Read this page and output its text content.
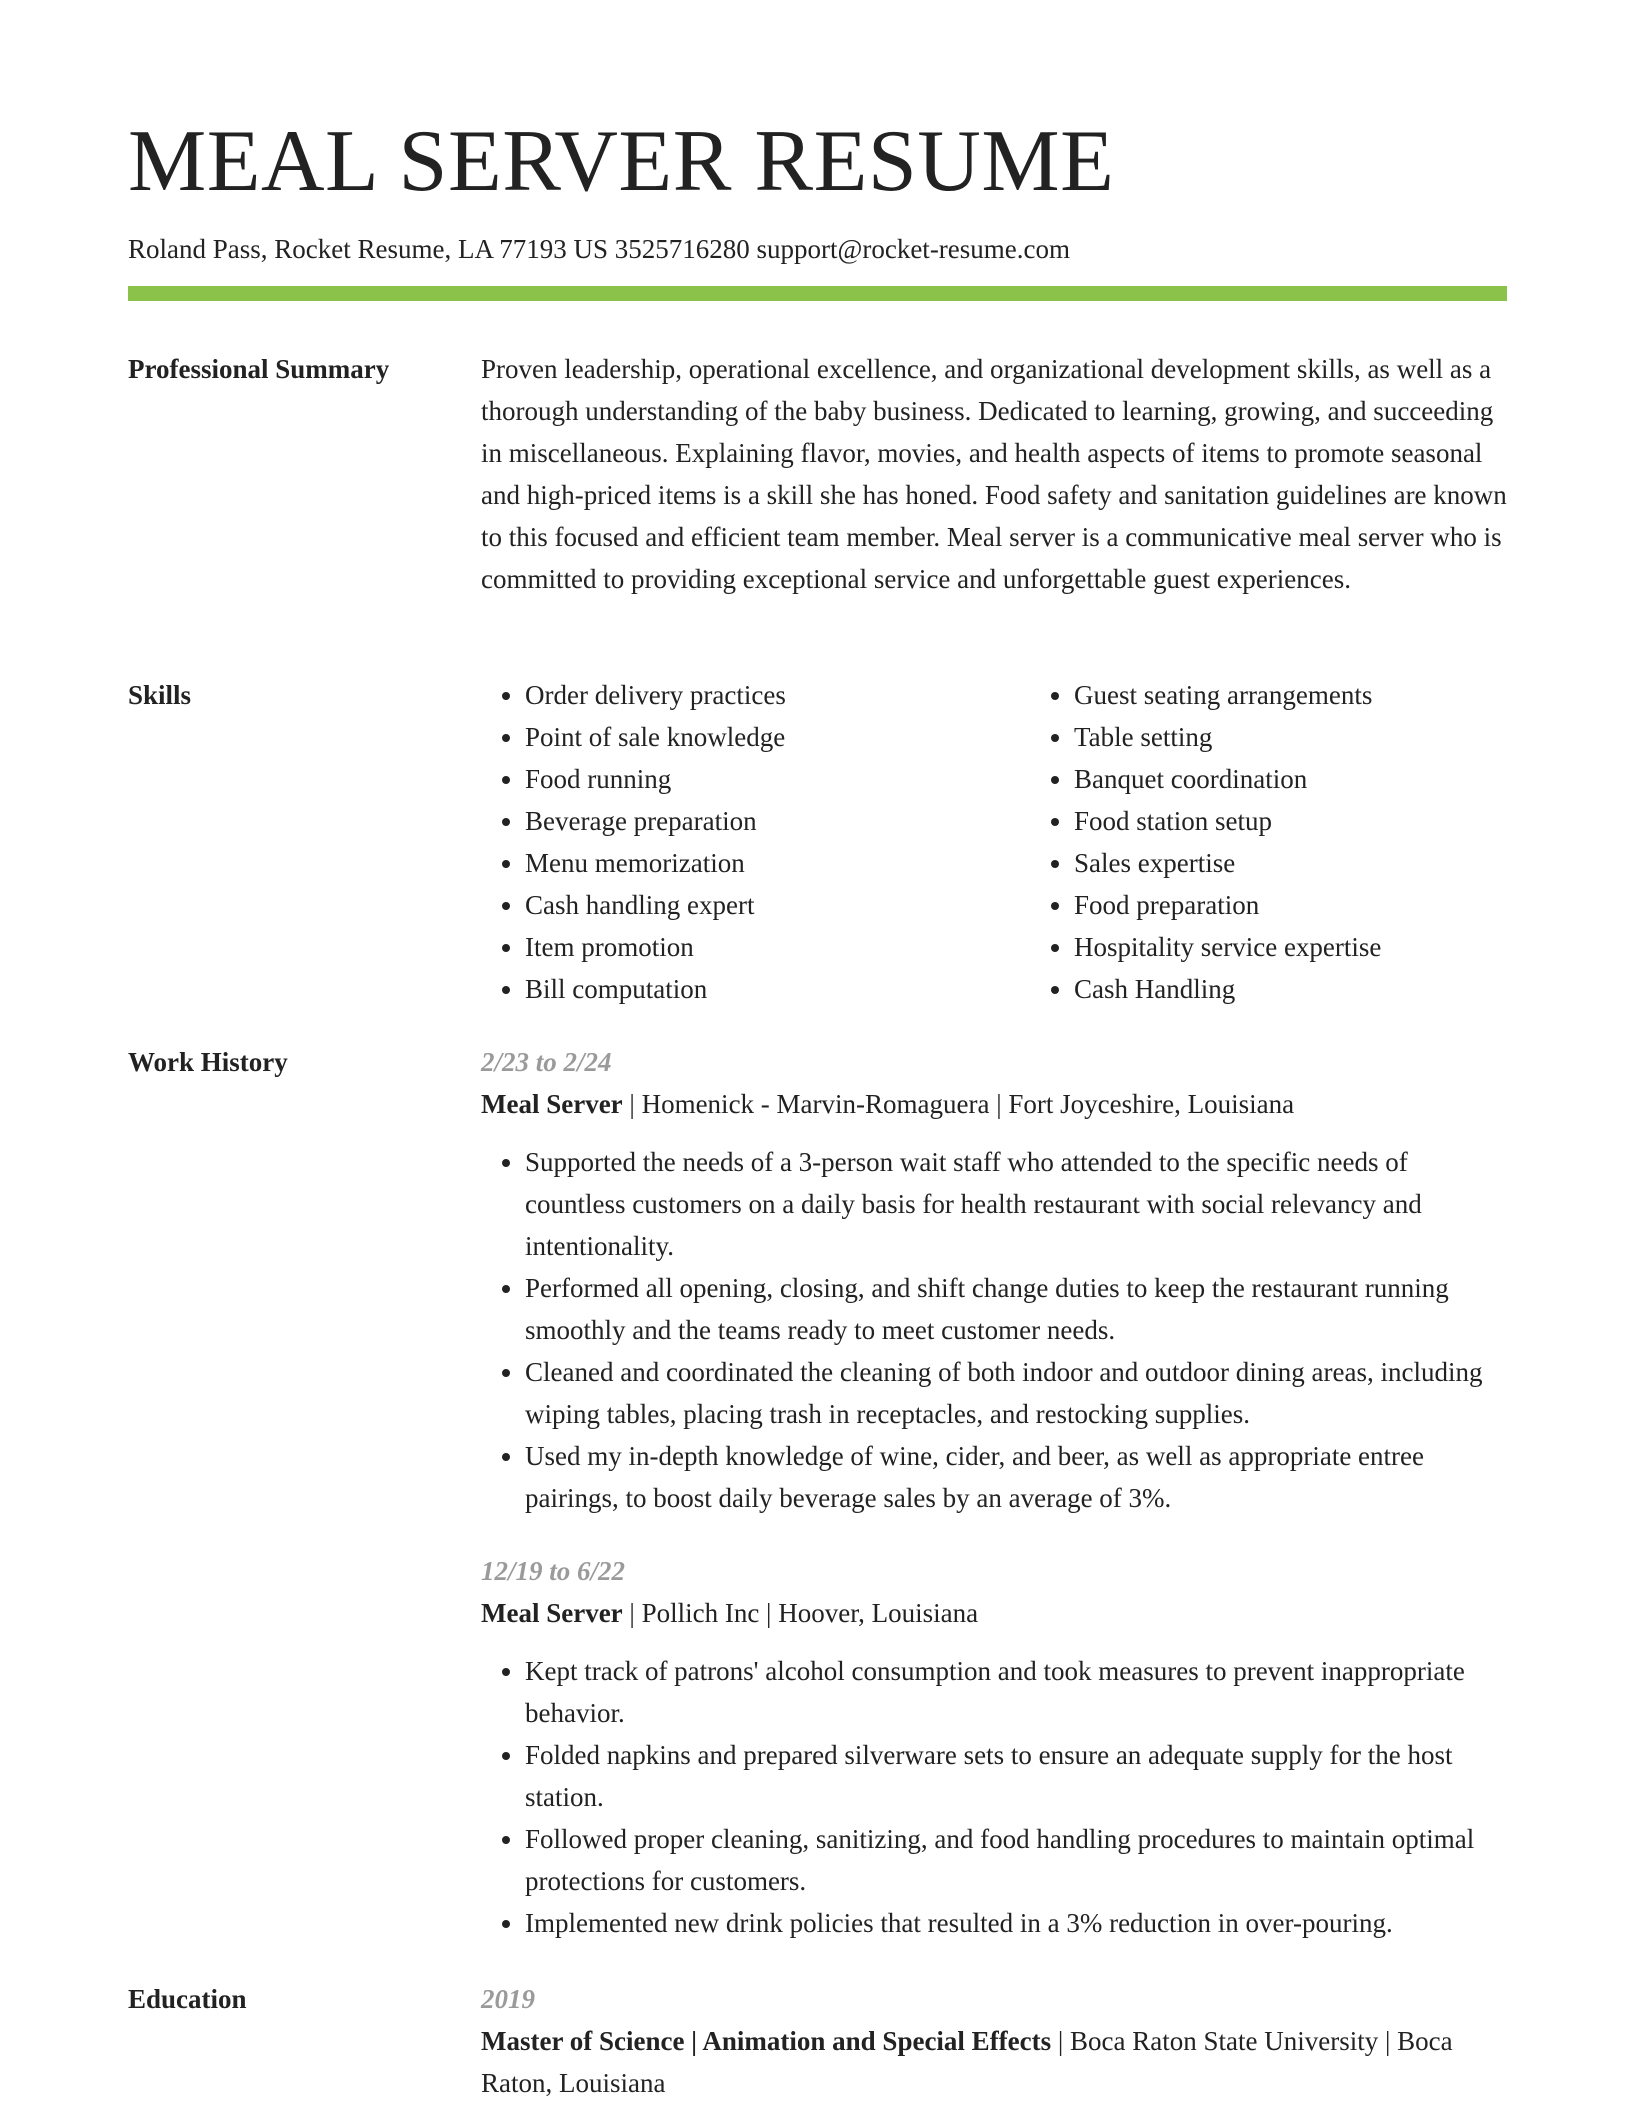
MEAL SERVER RESUME
Roland Pass, Rocket Resume, LA 77193 US 3525716280 support@rocket-resume.com
Professional Summary	Proven leadership, operational excellence, and organizational development skills, as well as a thorough understanding of the baby business. Dedicated to learning, growing, and succeeding in miscellaneous. Explaining flavor, movies, and health aspects of items to promote seasonal and high-priced items is a skill she has honed. Food safety and sanitation guidelines are known to this focused and efficient team member. Meal server is a communicative meal server who is committed to providing exceptional service and unforgettable guest experiences.

Skills
•	Order delivery practices
• Point of sale knowledge
• Food running
• Beverage preparation
• Menu memorization
• Cash handling expert
• Item promotion
• Bill computation
• Guest seating arrangements
• Table setting
• Banquet coordination
• Food station setup
• Sales expertise
• Food preparation
• Hospitality service expertise
• Cash Handling
Work History	2/23 to 2/24
Meal Server | Homenick - Marvin-Romaguera | Fort Joyceshire, Louisiana
• Supported the needs of a 3-person wait staff who attended to the specific needs of countless customers on a daily basis for health restaurant with social relevancy and intentionality.
• Performed all opening, closing, and shift change duties to keep the restaurant running smoothly and the teams ready to meet customer needs.
• Cleaned and coordinated the cleaning of both indoor and outdoor dining areas, including wiping tables, placing trash in receptacles, and restocking supplies.
• Used my in-depth knowledge of wine, cider, and beer, as well as appropriate entree pairings, to boost daily beverage sales by an average of 3%.
12/19 to 6/22
Meal Server | Pollich Inc | Hoover, Louisiana
• Kept track of patrons' alcohol consumption and took measures to prevent inappropriate behavior.
• Folded napkins and prepared silverware sets to ensure an adequate supply for the host station.
• Followed proper cleaning, sanitizing, and food handling procedures to maintain optimal protections for customers.
• Implemented new drink policies that resulted in a 3% reduction in over-pouring.
Education	2019
Master of Science | Animation and Special Effects | Boca Raton State University | Boca Raton, Louisiana
